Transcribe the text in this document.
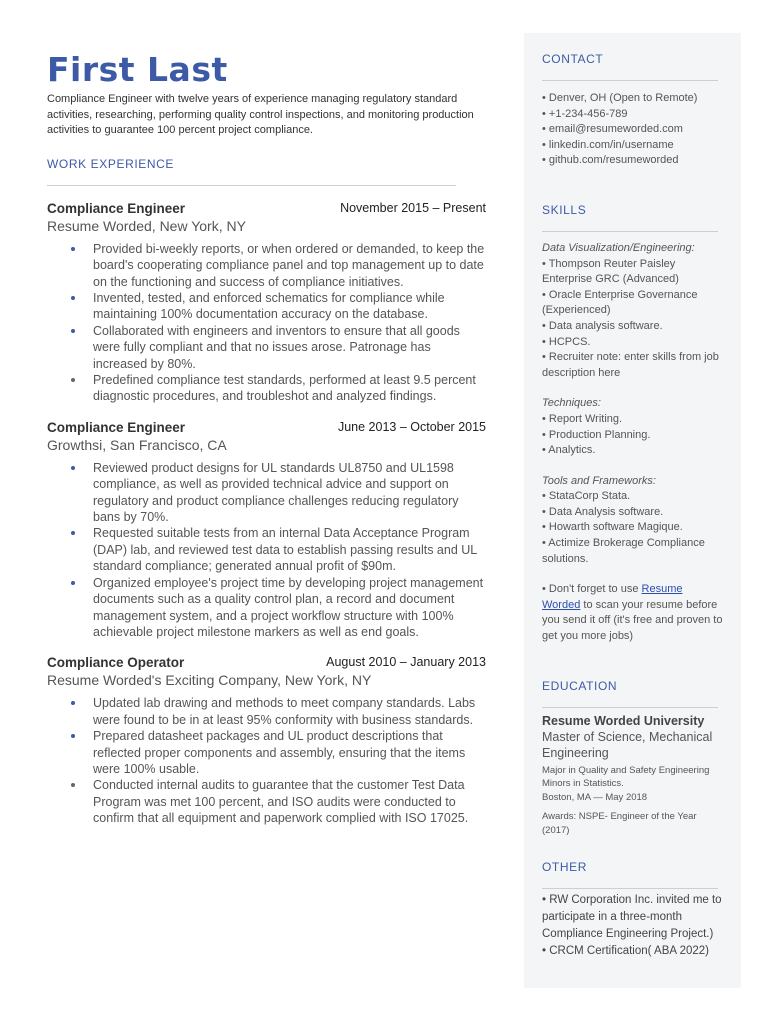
First Last
Compliance Engineer with twelve years of experience managing regulatory standard activities, researching, performing quality control inspections, and monitoring production activities to guarantee 100 percent project compliance.
WORK EXPERIENCE
Compliance Engineer	November 2015 – Present
Resume Worded, New York, NY
Provided bi-weekly reports, or when ordered or demanded, to keep the board's cooperating compliance panel and top management up to date on the functioning and success of compliance initiatives.
Invented, tested, and enforced schematics for compliance while maintaining 100% documentation accuracy on the database.
Collaborated with engineers and inventors to ensure that all goods were fully compliant and that no issues arose. Patronage has increased by 80%.
Predefined compliance test standards, performed at least 9.5 percent diagnostic procedures, and troubleshot and analyzed findings.
Compliance Engineer	June 2013 – October 2015
Growthsi, San Francisco, CA
Reviewed product designs for UL standards UL8750 and UL1598 compliance, as well as provided technical advice and support on regulatory and product compliance challenges reducing regulatory bans by 70%.
Requested suitable tests from an internal Data Acceptance Program (DAP) lab, and reviewed test data to establish passing results and UL standard compliance; generated annual profit of $90m.
Organized employee's project time by developing project management documents such as a quality control plan, a record and document management system, and a project workflow structure with 100% achievable project milestone markers as well as end goals.
Compliance Operator	August 2010 – January 2013
Resume Worded's Exciting Company, New York, NY
Updated lab drawing and methods to meet company standards. Labs were found to be in at least 95% conformity with business standards.
Prepared datasheet packages and UL product descriptions that reflected proper components and assembly, ensuring that the items were 100% usable.
Conducted internal audits to guarantee that the customer Test Data Program was met 100 percent, and ISO audits were conducted to confirm that all equipment and paperwork complied with ISO 17025.
CONTACT
• Denver, OH (Open to Remote)
• +1-234-456-789
• email@resumeworded.com
• linkedin.com/in/username
• github.com/resumeworded
SKILLS
Data Visualization/Engineering:
• Thompson Reuter Paisley Enterprise GRC (Advanced)
• Oracle Enterprise Governance (Experienced)
• Data analysis software.
• HCPCS.
• Recruiter note: enter skills from job description here
Techniques:
• Report Writing.
• Production Planning.
• Analytics.
Tools and Frameworks:
• StataCorp Stata.
• Data Analysis software.
• Howarth software Magique.
• Actimize Brokerage Compliance solutions.
• Don't forget to use Resume Worded to scan your resume before you send it off (it's free and proven to get you more jobs)
EDUCATION
Resume Worded University
Master of Science, Mechanical Engineering
Major in Quality and Safety Engineering
Minors in Statistics.
Boston, MA — May 2018
Awards: NSPE- Engineer of the Year (2017)
OTHER
• RW Corporation Inc. invited me to participate in a three-month Compliance Engineering Project.)
• CRCM Certification( ABA 2022)
